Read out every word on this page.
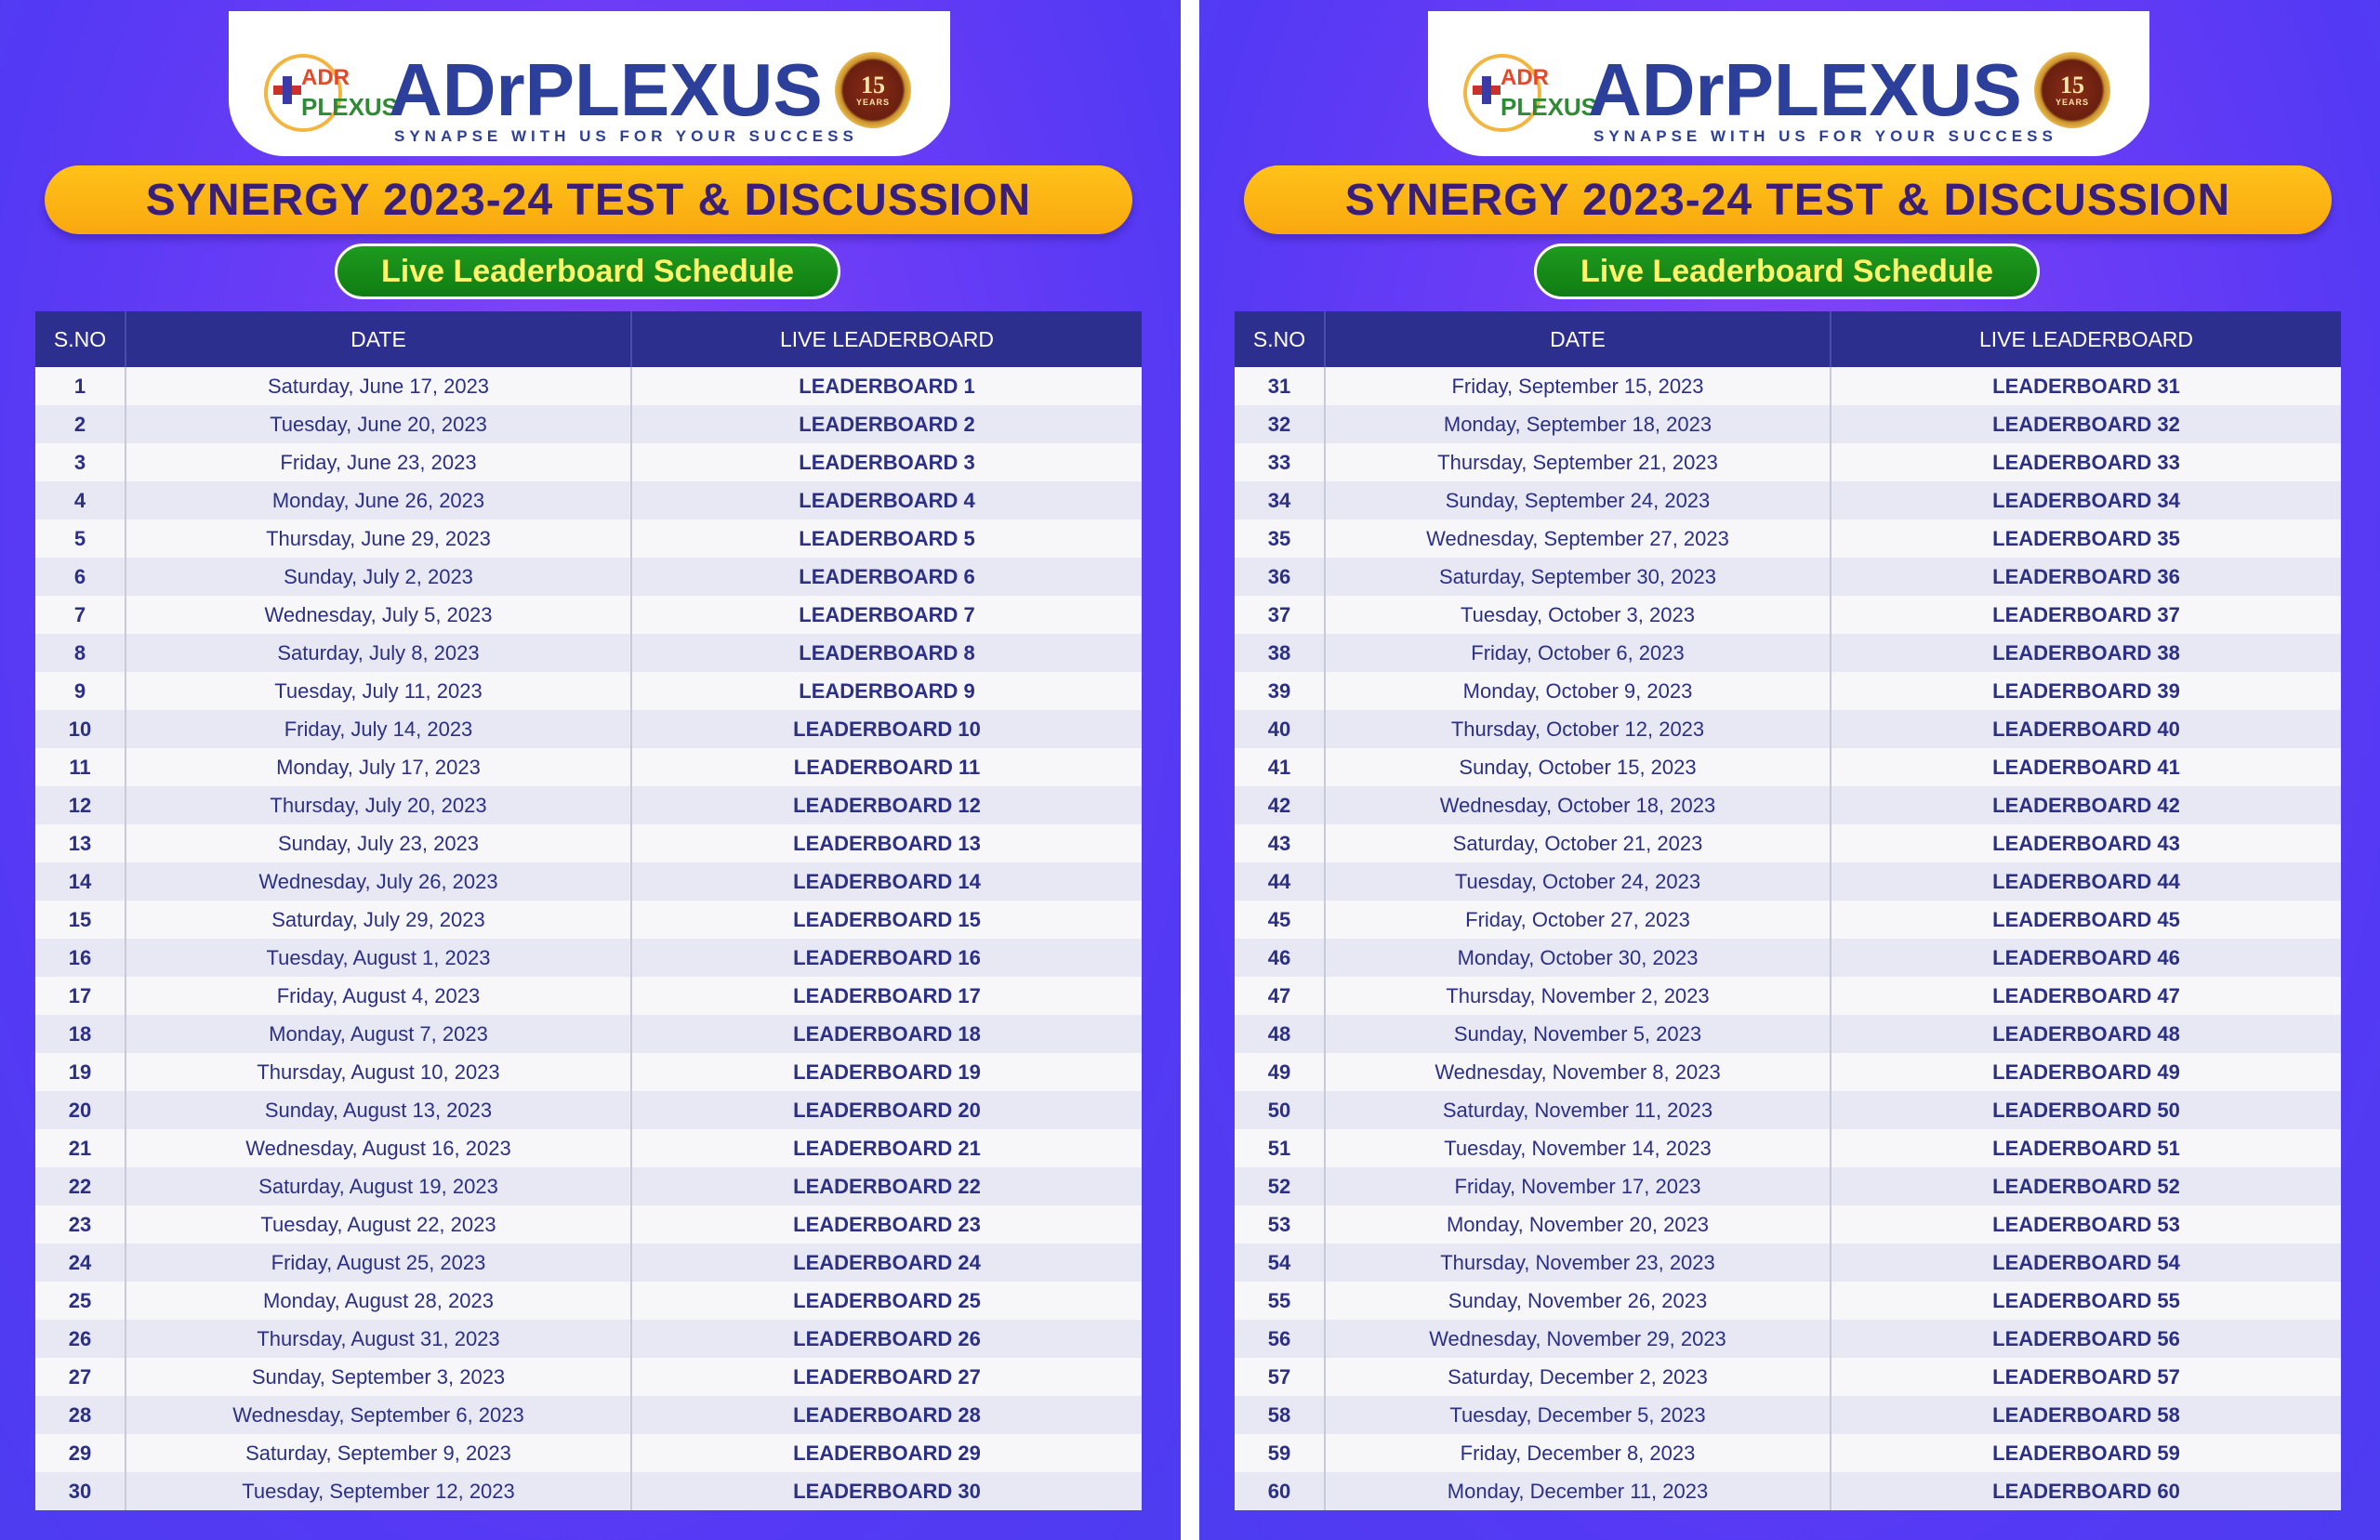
ADR
PLEXUS
ADrPLEXUS
SYNAPSE WITH US FOR YOUR SUCCESS
15
YEARS
SYNERGY 2023-24 TEST & DISCUSSION
Live Leaderboard Schedule
S.NO	DATE	LIVE LEADERBOARD
1	Saturday, June 17, 2023	LEADERBOARD 1
2	Tuesday, June 20, 2023	LEADERBOARD 2
3	Friday, June 23, 2023	LEADERBOARD 3
4	Monday, June 26, 2023	LEADERBOARD 4
5	Thursday, June 29, 2023	LEADERBOARD 5
6	Sunday, July 2, 2023	LEADERBOARD 6
7	Wednesday, July 5, 2023	LEADERBOARD 7
8	Saturday, July 8, 2023	LEADERBOARD 8
9	Tuesday, July 11, 2023	LEADERBOARD 9
10	Friday, July 14, 2023	LEADERBOARD 10
11	Monday, July 17, 2023	LEADERBOARD 11
12	Thursday, July 20, 2023	LEADERBOARD 12
13	Sunday, July 23, 2023	LEADERBOARD 13
14	Wednesday, July 26, 2023	LEADERBOARD 14
15	Saturday, July 29, 2023	LEADERBOARD 15
16	Tuesday, August 1, 2023	LEADERBOARD 16
17	Friday, August 4, 2023	LEADERBOARD 17
18	Monday, August 7, 2023	LEADERBOARD 18
19	Thursday, August 10, 2023	LEADERBOARD 19
20	Sunday, August 13, 2023	LEADERBOARD 20
21	Wednesday, August 16, 2023	LEADERBOARD 21
22	Saturday, August 19, 2023	LEADERBOARD 22
23	Tuesday, August 22, 2023	LEADERBOARD 23
24	Friday, August 25, 2023	LEADERBOARD 24
25	Monday, August 28, 2023	LEADERBOARD 25
26	Thursday, August 31, 2023	LEADERBOARD 26
27	Sunday, September 3, 2023	LEADERBOARD 27
28	Wednesday, September 6, 2023	LEADERBOARD 28
29	Saturday, September 9, 2023	LEADERBOARD 29
30	Tuesday, September 12, 2023	LEADERBOARD 30
ADR
PLEXUS
ADrPLEXUS
SYNAPSE WITH US FOR YOUR SUCCESS
15
YEARS
SYNERGY 2023-24 TEST & DISCUSSION
Live Leaderboard Schedule
S.NO	DATE	LIVE LEADERBOARD
31	Friday, September 15, 2023	LEADERBOARD 31
32	Monday, September 18, 2023	LEADERBOARD 32
33	Thursday, September 21, 2023	LEADERBOARD 33
34	Sunday, September 24, 2023	LEADERBOARD 34
35	Wednesday, September 27, 2023	LEADERBOARD 35
36	Saturday, September 30, 2023	LEADERBOARD 36
37	Tuesday, October 3, 2023	LEADERBOARD 37
38	Friday, October 6, 2023	LEADERBOARD 38
39	Monday, October 9, 2023	LEADERBOARD 39
40	Thursday, October 12, 2023	LEADERBOARD 40
41	Sunday, October 15, 2023	LEADERBOARD 41
42	Wednesday, October 18, 2023	LEADERBOARD 42
43	Saturday, October 21, 2023	LEADERBOARD 43
44	Tuesday, October 24, 2023	LEADERBOARD 44
45	Friday, October 27, 2023	LEADERBOARD 45
46	Monday, October 30, 2023	LEADERBOARD 46
47	Thursday, November 2, 2023	LEADERBOARD 47
48	Sunday, November 5, 2023	LEADERBOARD 48
49	Wednesday, November 8, 2023	LEADERBOARD 49
50	Saturday, November 11, 2023	LEADERBOARD 50
51	Tuesday, November 14, 2023	LEADERBOARD 51
52	Friday, November 17, 2023	LEADERBOARD 52
53	Monday, November 20, 2023	LEADERBOARD 53
54	Thursday, November 23, 2023	LEADERBOARD 54
55	Sunday, November 26, 2023	LEADERBOARD 55
56	Wednesday, November 29, 2023	LEADERBOARD 56
57	Saturday, December 2, 2023	LEADERBOARD 57
58	Tuesday, December 5, 2023	LEADERBOARD 58
59	Friday, December 8, 2023	LEADERBOARD 59
60	Monday, December 11, 2023	LEADERBOARD 60
